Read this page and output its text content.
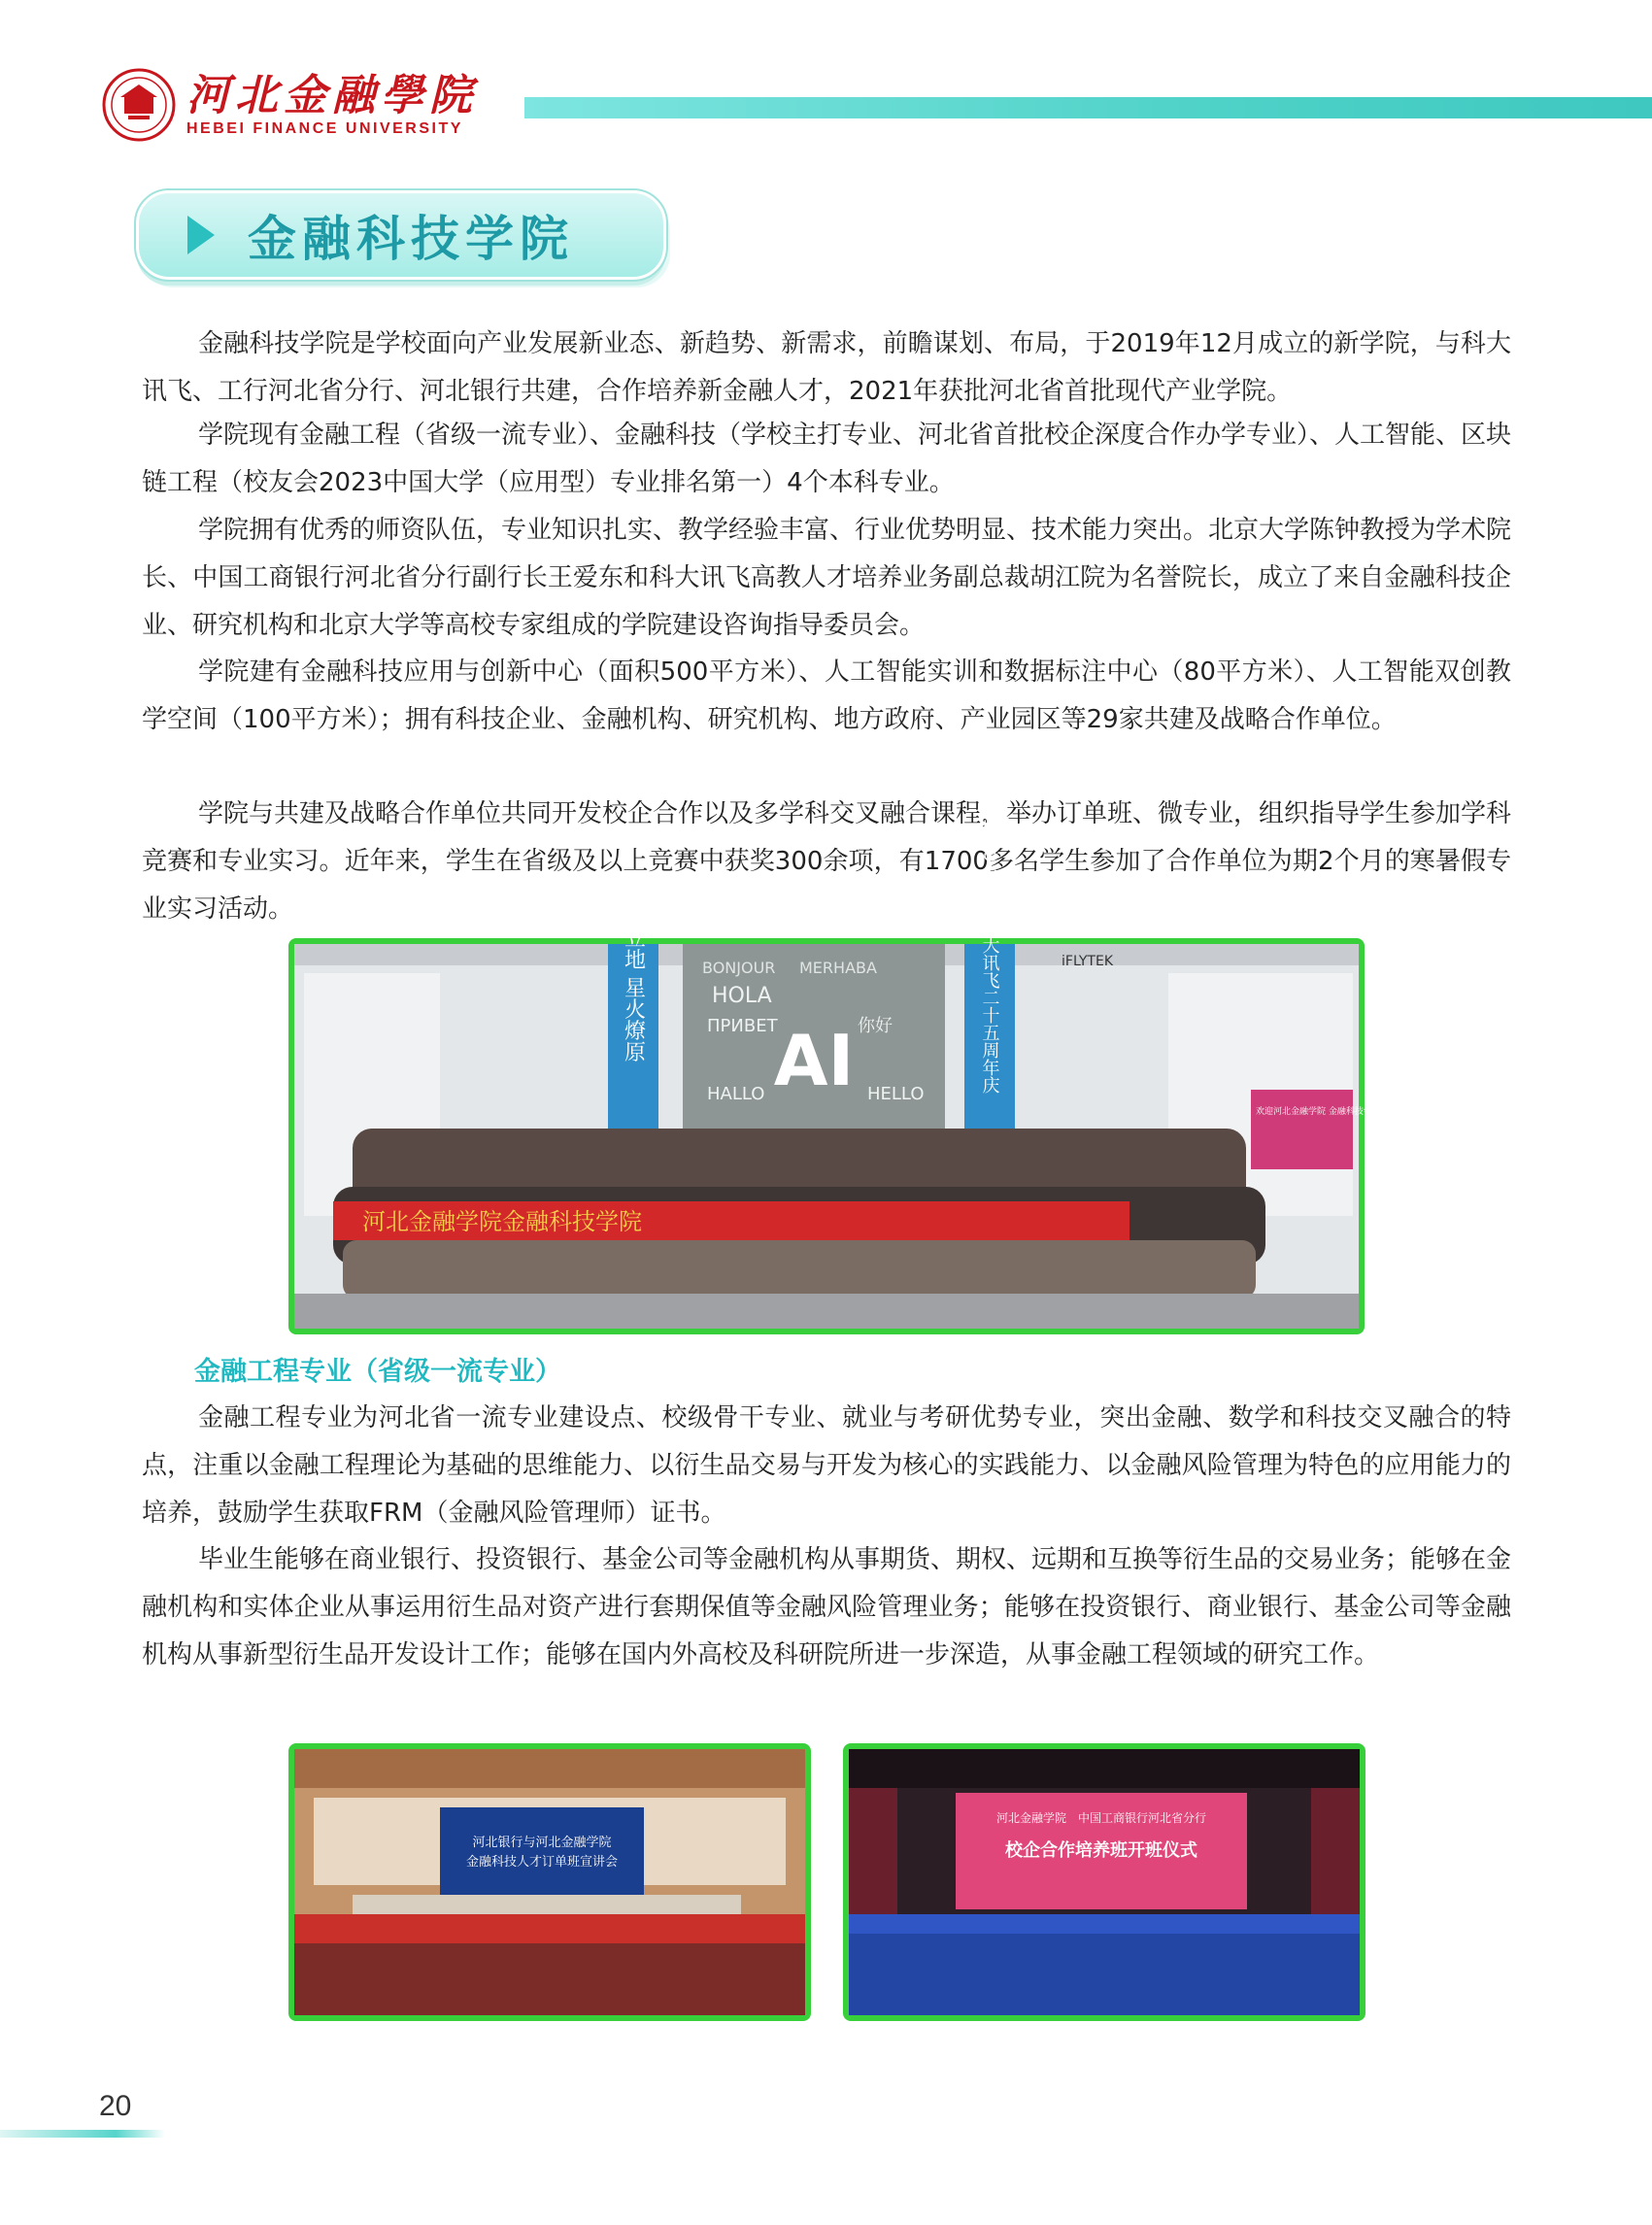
河北金融學院
HEBEI FINANCE UNIVERSITY
金融科技学院

金融科技学院是学校面向产业发展新业态、新趋势、新需求，前瞻谋划、布局，于2019年12月成立的新学院，与科大讯飞、工行河北省分行、河北银行共建，合作培养新金融人才，2021年获批河北省首批现代产业学院。

学院现有金融工程（省级一流专业）、金融科技（学校主打专业、河北省首批校企深度合作办学专业）、人工智能、区块链工程（校友会2023中国大学（应用型）专业排名第一）4个本科专业。

学院拥有优秀的师资队伍，专业知识扎实、教学经验丰富、行业优势明显、技术能力突出。北京大学陈钟教授为学术院长、中国工商银行河北省分行副行长王爱东和科大讯飞高教人才培养业务副总裁胡江院为名誉院长，成立了来自金融科技企业、研究机构和北京大学等高校专家组成的学院建设咨询指导委员会。

学院建有金融科技应用与创新中心（面积500平方米）、人工智能实训和数据标注中心（80平方米）、人工智能双创教学空间（100平方米）；拥有科技企业、金融机构、研究机构、地方政府、产业园区等29家共建及战略合作单位。

学院与共建及战略合作单位共同开发校企合作以及多学科交叉融合课程，举办订单班、微专业，组织指导学生参加学科竞赛和专业实习。近年来，学生在省级及以上竞赛中获奖300余项，有1700多名学生参加了合作单位为期2个月的寒暑假专业实习活动。	顶天立地 星火燎原	1999-2024 科大讯飞二十五周年庆
BONJOUR MERHABA
HOLA
ПРИВЕТ	你好
HALLO	HELLO
AI
iFLYTEK
欢迎河北金融学院 金融科技学院师生
河北金融学院金融科技学院

金融工程专业（省级一流专业）

金融工程专业为河北省一流专业建设点、校级骨干专业、就业与考研优势专业，突出金融、数学和科技交叉融合的特点，注重以金融工程理论为基础的思维能力、以衍生品交易与开发为核心的实践能力、以金融风险管理为特色的应用能力的培养，鼓励学生获取FRM（金融风险管理师）证书。

毕业生能够在商业银行、投资银行、基金公司等金融机构从事期货、期权、远期和互换等衍生品的交易业务；能够在金融机构和实体企业从事运用衍生品对资产进行套期保值等金融风险管理业务；能够在投资银行、商业银行、基金公司等金融机构从事新型衍生品开发设计工作；能够在国内外高校及科研院所进一步深造，从事金融工程领域的研究工作。

河北银行与河北金融学院
金融科技人才订单班宣讲会
河北金融学院　中国工商银行河北省分行
校企合作培养班开班仪式
20
